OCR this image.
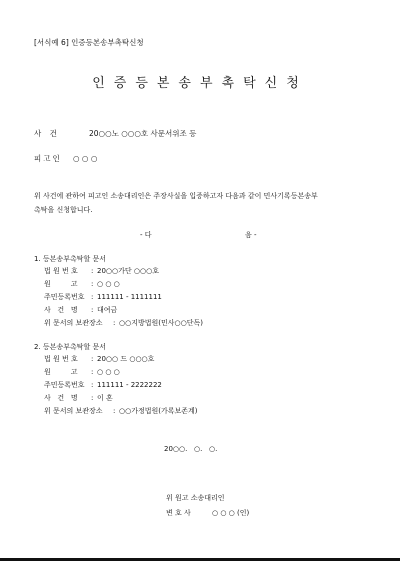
[서식예 6] 인증등본송부촉탁신청
인증등본송부촉탁신청
사 건	20○○노 ○○○호 사문서위조 등
피고인 ○ ○ ○
위 사건에 관하여 피고인 소송대리인은 주장사실을 입증하고자 다음과 같이 민사기록등본송부
촉탁을 신청합니다.
- 다	음 -
1. 등본송부촉탁할 문서
법 원 번 호 : 20○○가단 ○○○호
원         고 : ○ ○ ○
주민등록번호 : 111111 - 1111111
사   건   명 : 대여금
위 문서의 보관장소 : ○○지방법원(민사○○단독)
2. 등본송부촉탁할 문서
법 원 번 호 : 20○○ 드 ○○○호
원         고 : ○ ○ ○
주민등록번호 : 111111 - 2222222
사   건   명 : 이 혼
위 문서의 보관장소 : ○○가정법원(가록보존계)
20○○.   ○.   ○.
위 원고 소송대리인
변 호 사	○ ○ ○ (인)
